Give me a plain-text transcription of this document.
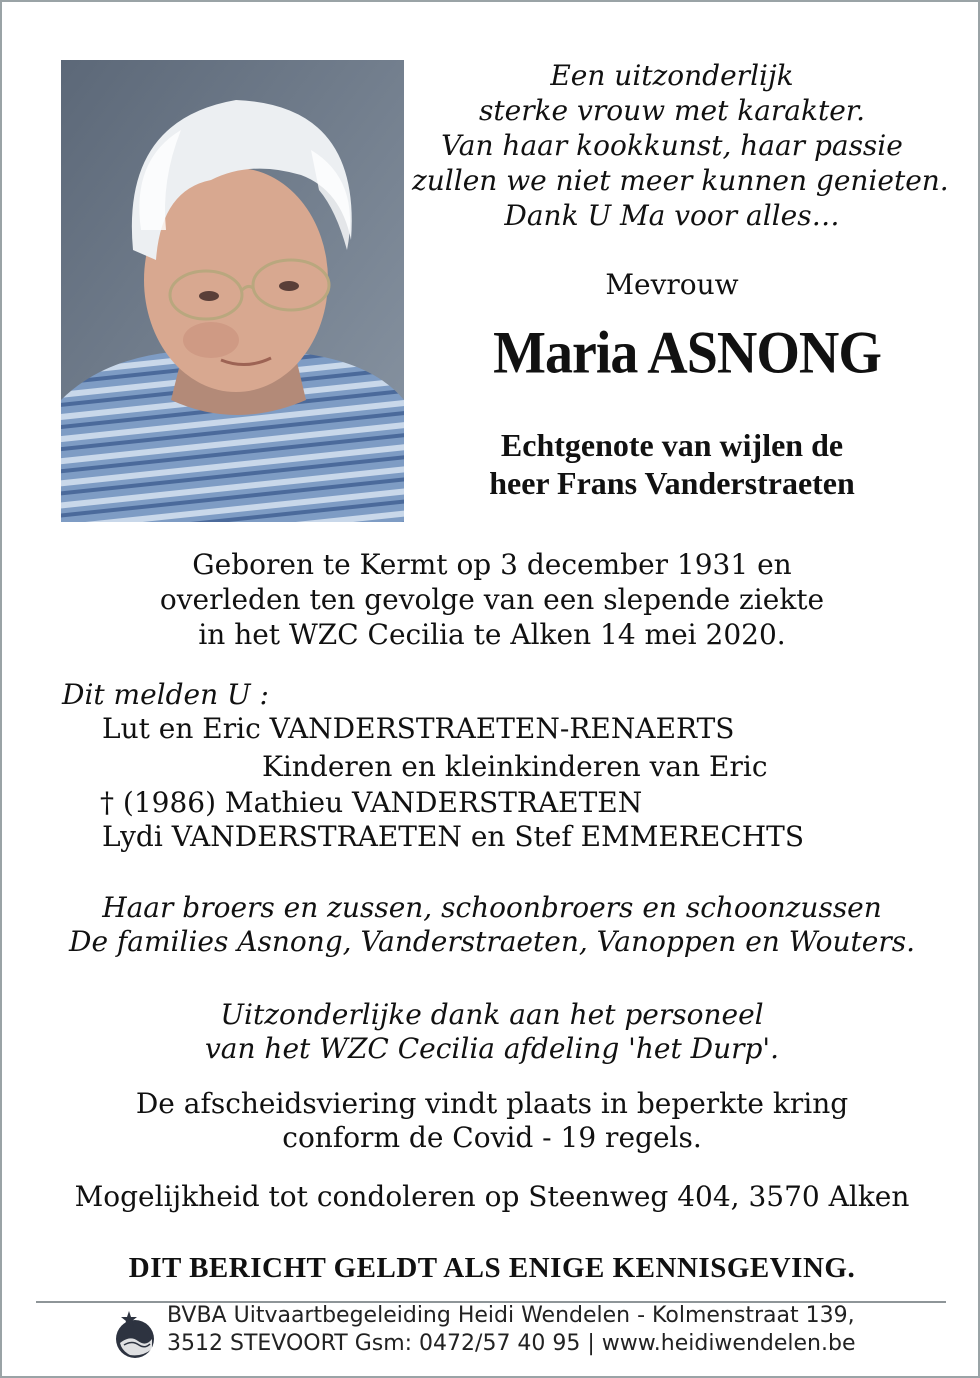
Een uitzonderlijk
sterke vrouw met karakter.
Van haar kookkunst, haar passie
zullen we niet meer kunnen genieten.
Dank U Ma voor alles…
Mevrouw
Maria ASNONG
Echtgenote van wijlen de
heer Frans Vanderstraeten
Geboren te Kermt op 3 december 1931 en
overleden ten gevolge van een slepende ziekte
in het WZC Cecilia te Alken 14 mei 2020.
Dit melden U :
Lut en Eric VANDERSTRAETEN-RENAERTS
Kinderen en kleinkinderen van Eric
† (1986) Mathieu VANDERSTRAETEN
Lydi VANDERSTRAETEN en Stef EMMERECHTS
Haar broers en zussen, schoonbroers en schoonzussen
De families Asnong, Vanderstraeten, Vanoppen en Wouters.
Uitzonderlijke dank aan het personeel
van het WZC Cecilia afdeling 'het Durp'.
De afscheidsviering vindt plaats in beperkte kring
conform de Covid - 19 regels.
Mogelijkheid tot condoleren op Steenweg 404, 3570 Alken
DIT BERICHT GELDT ALS ENIGE KENNISGEVING.
BVBA Uitvaartbegeleiding Heidi Wendelen - Kolmenstraat 139,
3512 STEVOORT Gsm: 0472/57 40 95 | www.heidiwendelen.be
